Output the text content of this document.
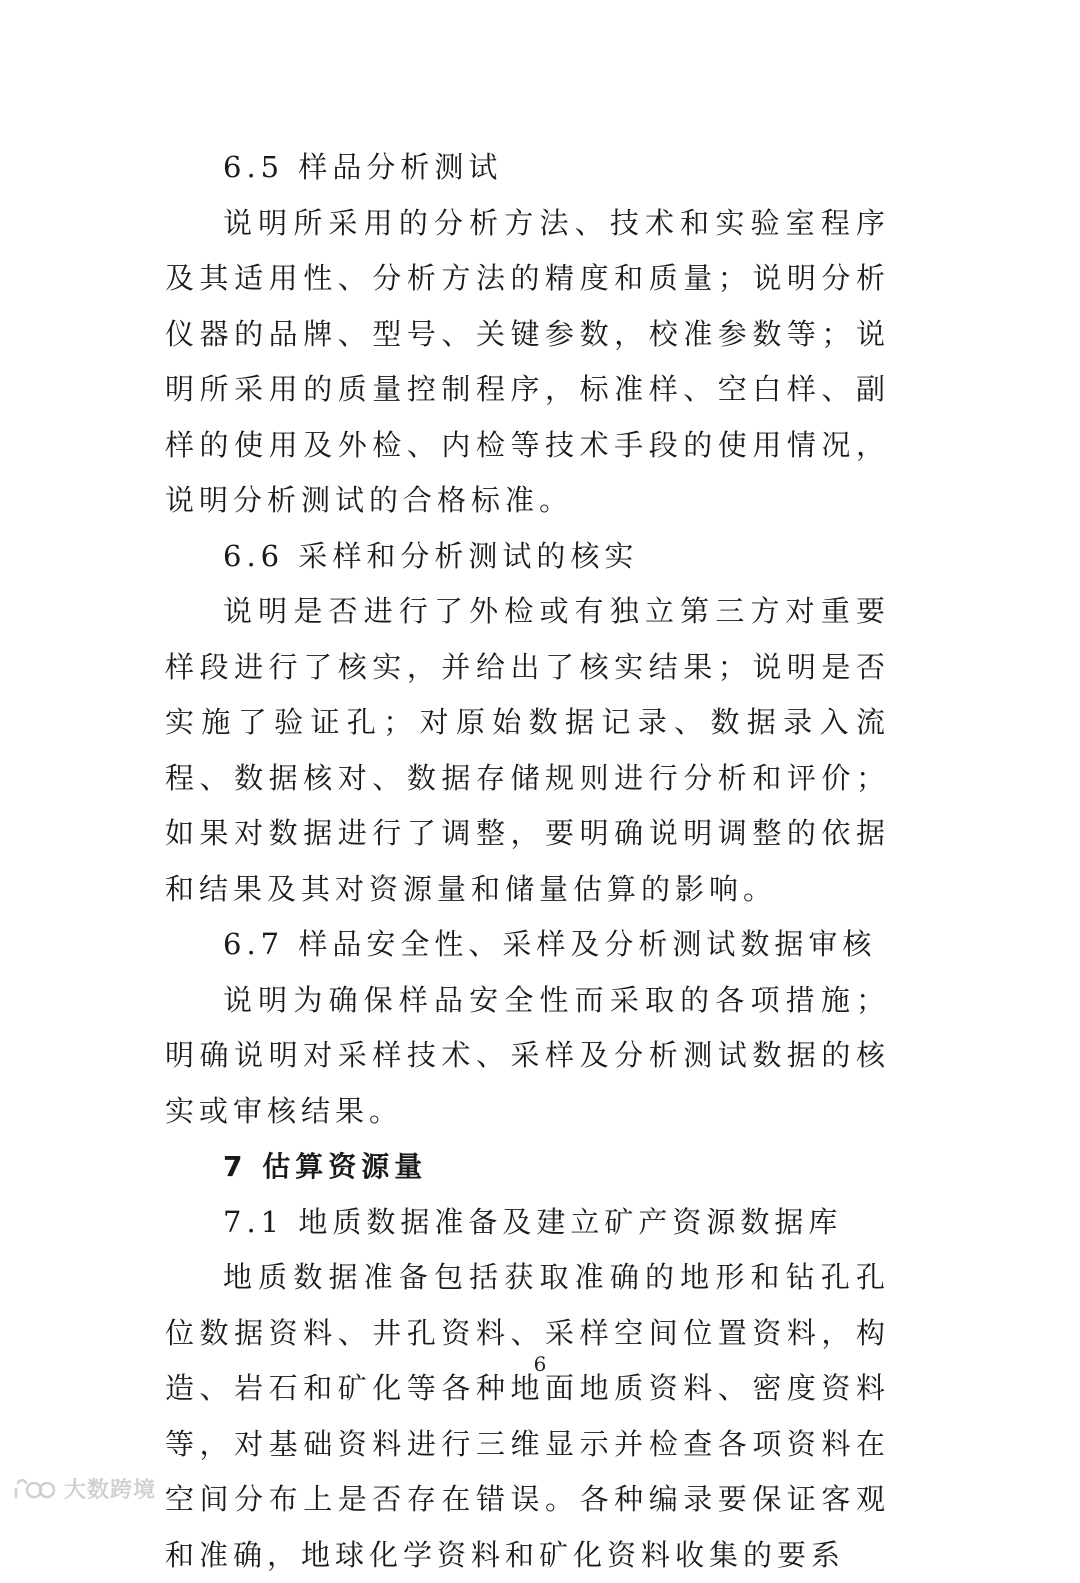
6.5 样品分析测试

说明所采用的分析方法、技术和实验室程序及其适用性、分析方法的精度和质量；说明分析仪器的品牌、型号、关键参数，校准参数等；说明所采用的质量控制程序，标准样、空白样、副样的使用及外检、内检等技术手段的使用情况，说明分析测试的合格标准。

6.6 采样和分析测试的核实

说明是否进行了外检或有独立第三方对重要样段进行了核实，并给出了核实结果；说明是否实施了验证孔；对原始数据记录、数据录入流程、数据核对、数据存储规则进行分析和评价；如果对数据进行了调整，要明确说明调整的依据和结果及其对资源量和储量估算的影响。

6.7 样品安全性、采样及分析测试数据审核

说明为确保样品安全性而采取的各项措施；明确说明对采样技术、采样及分析测试数据的核实或审核结果。

7 估算资源量

7.1 地质数据准备及建立矿产资源数据库

地质数据准备包括获取准确的地形和钻孔孔位数据资料、井孔资料、采样空间位置资料，构造、岩石和矿化等各种地面地质资料、密度资料等，对基础资料进行三维显示并检查各项资料在空间分布上是否存在错误。各种编录要保证客观和准确，地球化学资料和矿化资料收集的要系

6
大数跨境
